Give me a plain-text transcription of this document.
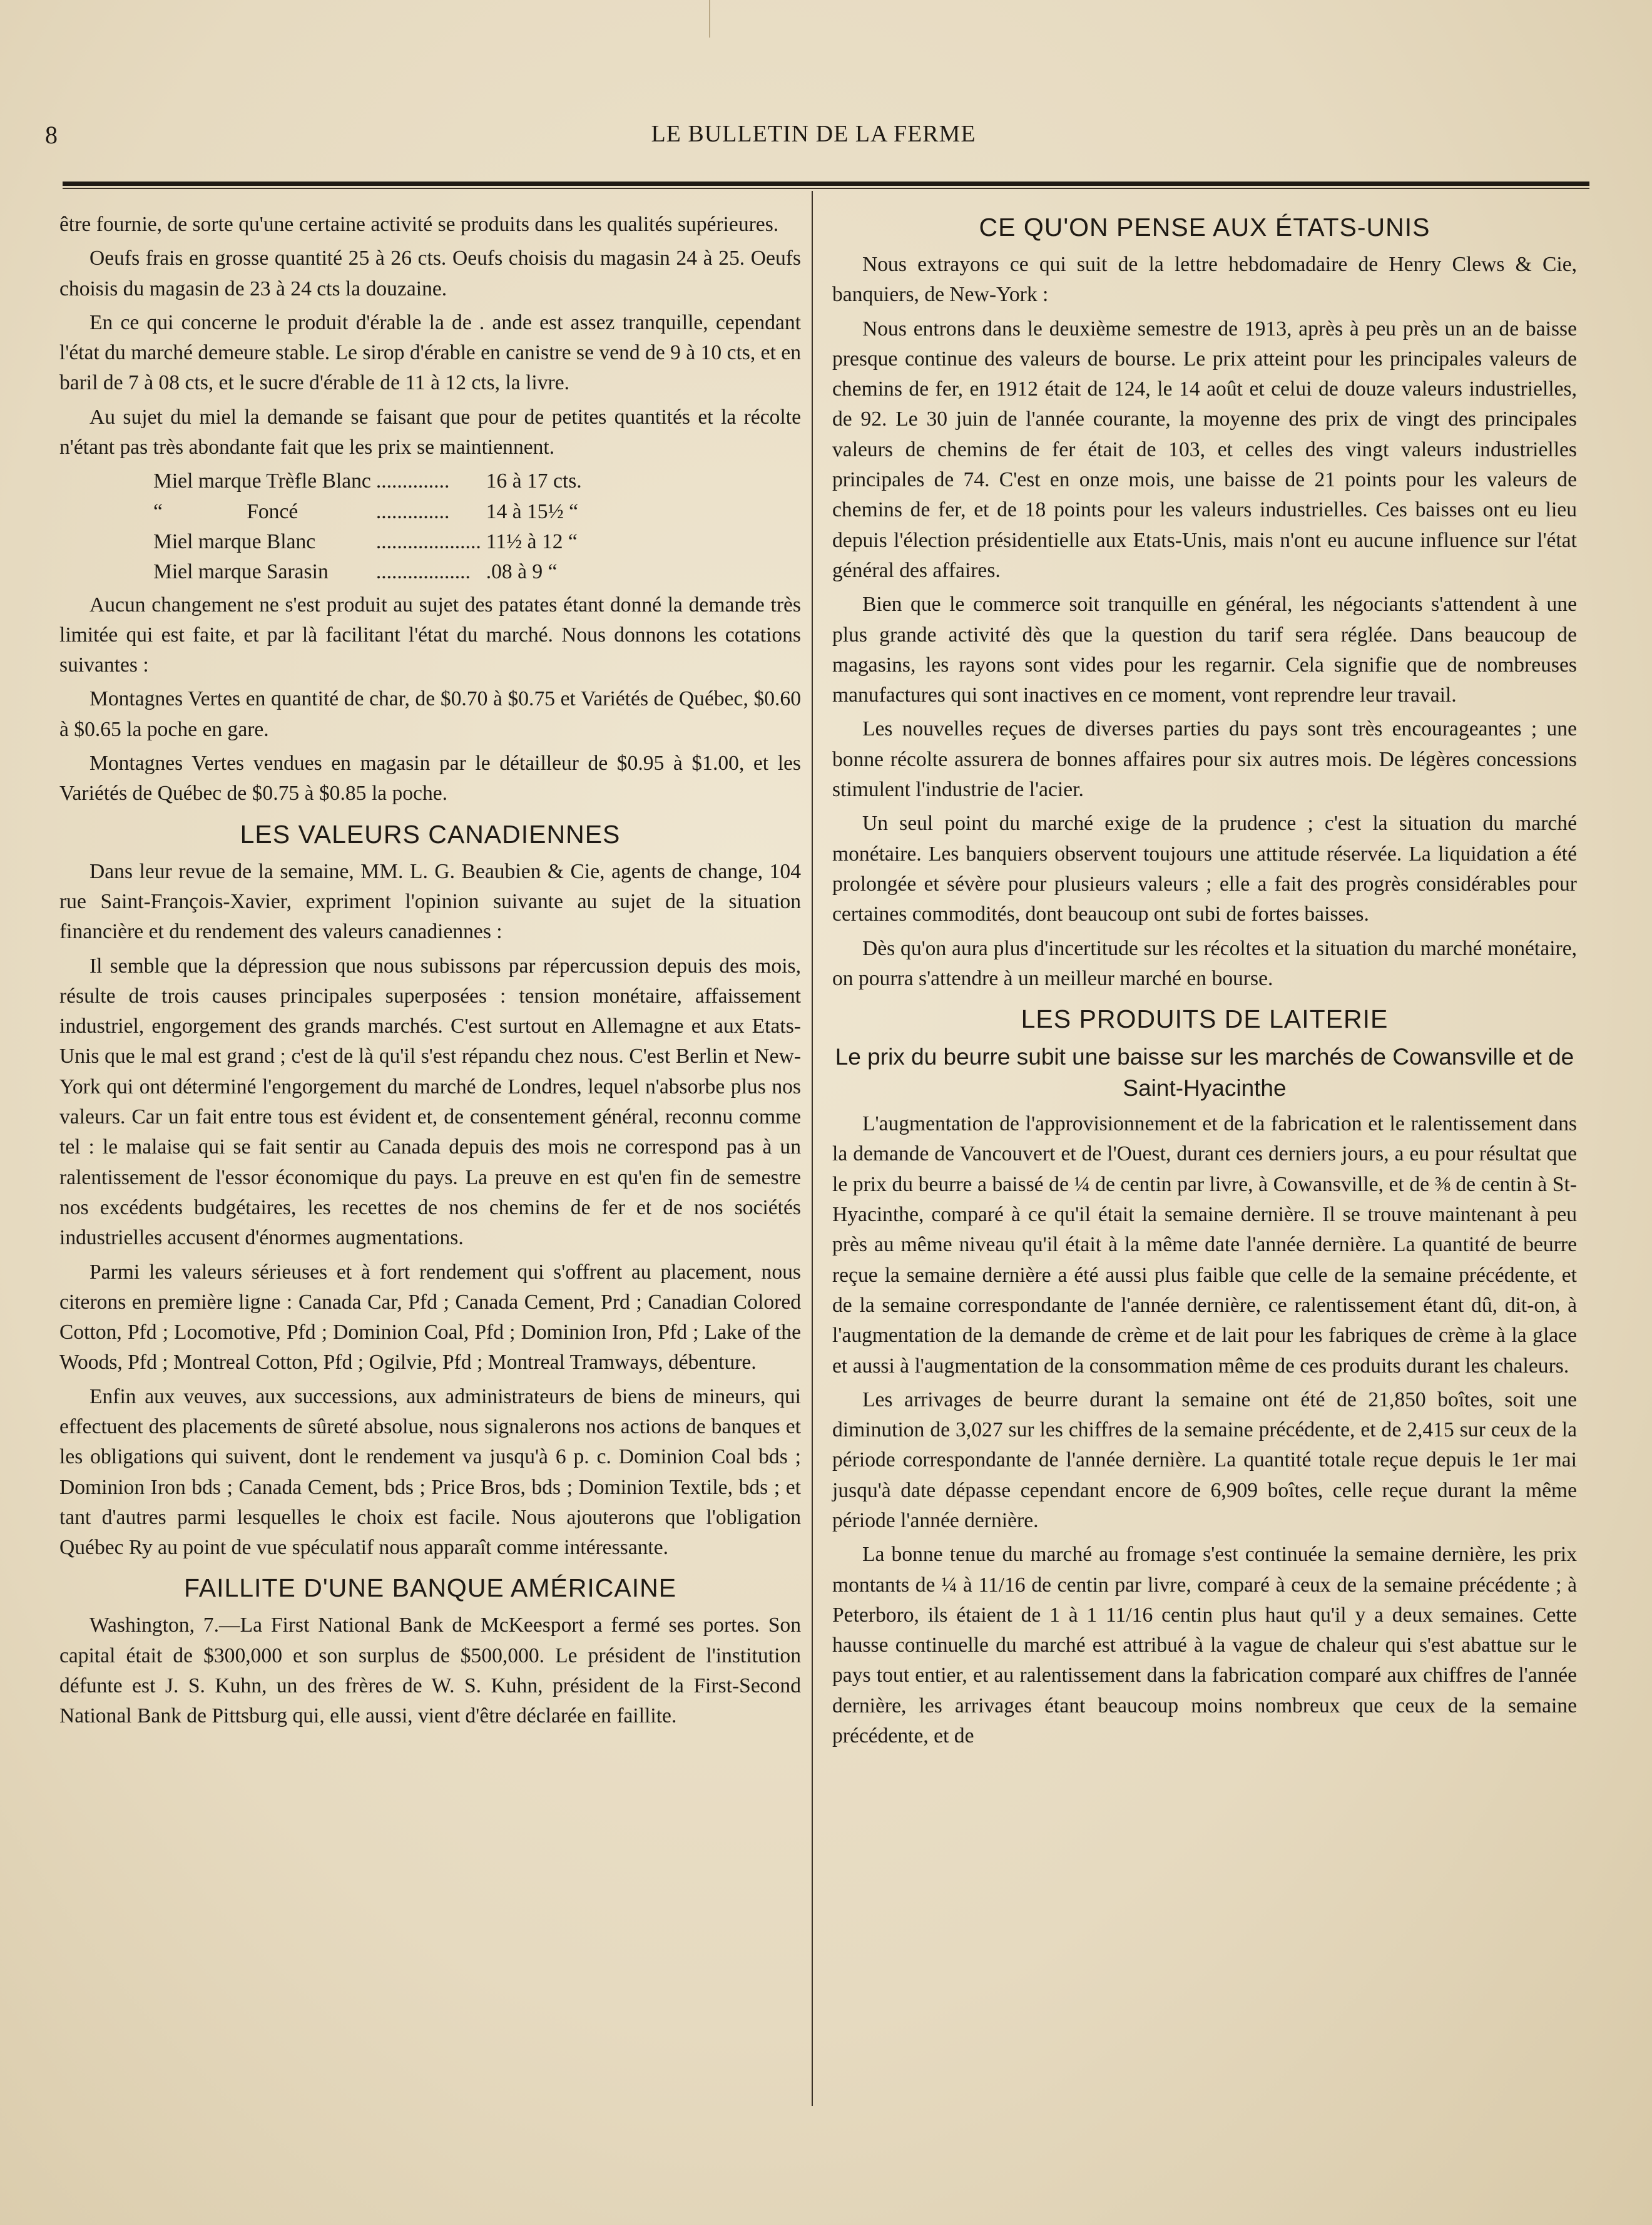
8	LE BULLETIN DE LA FERME

être fournie, de sorte qu'une certaine activité se produits dans les qualités supérieures.

Oeufs frais en grosse quantité 25 à 26 cts. Oeufs choisis du magasin 24 à 25. Oeufs choisis du magasin de 23 à 24 cts la douzaine.

En ce qui concerne le produit d'érable la de . ande est assez tranquille, cependant l'état du marché demeure stable. Le sirop d'érable en canistre se vend de 9 à 10 cts, et en baril de 7 à 08 cts, et le sucre d'érable de 11 à 12 cts, la livre.

Au sujet du miel la demande se faisant que pour de petites quantités et la récolte n'étant pas très abondante fait que les prix se maintiennent.

Miel marque Trèfle Blanc	..............	16 à 17 cts.
“                Foncé	..............	14 à 15½ “
Miel marque Blanc	....................	11½ à 12 “
Miel marque Sarasin	..................	.08 à 9 “

Aucun changement ne s'est produit au sujet des patates étant donné la demande très limitée qui est faite, et par là facilitant l'état du marché. Nous donnons les cotations suivantes :

Montagnes Vertes en quantité de char, de $0.70 à $0.75 et Variétés de Québec, $0.60 à $0.65 la poche en gare.

Montagnes Vertes vendues en magasin par le détailleur de $0.95 à $1.00, et les Variétés de Québec de $0.75 à $0.85 la poche.

LES VALEURS CANADIENNES

Dans leur revue de la semaine, MM. L. G. Beaubien & Cie, agents de change, 104 rue Saint-François-Xavier, expriment l'opinion suivante au sujet de la situation financière et du rendement des valeurs canadiennes :

Il semble que la dépression que nous subissons par répercussion depuis des mois, résulte de trois causes principales superposées : tension monétaire, affaissement industriel, engorgement des grands marchés. C'est surtout en Allemagne et aux Etats-Unis que le mal est grand ; c'est de là qu'il s'est répandu chez nous. C'est Berlin et New-York qui ont déterminé l'engorgement du marché de Londres, lequel n'absorbe plus nos valeurs. Car un fait entre tous est évident et, de consentement général, reconnu comme tel : le malaise qui se fait sentir au Canada depuis des mois ne correspond pas à un ralentissement de l'essor économique du pays. La preuve en est qu'en fin de semestre nos excédents budgétaires, les recettes de nos chemins de fer et de nos sociétés industrielles accusent d'énormes augmentations.

Parmi les valeurs sérieuses et à fort rendement qui s'offrent au placement, nous citerons en première ligne : Canada Car, Pfd ; Canada Cement, Prd ; Canadian Colored Cotton, Pfd ; Locomotive, Pfd ; Dominion Coal, Pfd ; Dominion Iron, Pfd ; Lake of the Woods, Pfd ; Montreal Cotton, Pfd ; Ogilvie, Pfd ; Montreal Tramways, débenture.

Enfin aux veuves, aux successions, aux administrateurs de biens de mineurs, qui effectuent des placements de sûreté absolue, nous signalerons nos actions de banques et les obligations qui suivent, dont le rendement va jusqu'à 6 p. c. Dominion Coal bds ; Dominion Iron bds ; Canada Cement, bds ; Price Bros, bds ; Dominion Textile, bds ; et tant d'autres parmi lesquelles le choix est facile. Nous ajouterons que l'obligation Québec Ry au point de vue spéculatif nous apparaît comme intéressante.

FAILLITE D'UNE BANQUE AMÉRICAINE

Washington, 7.—La First National Bank de McKeesport a fermé ses portes. Son capital était de $300,000 et son surplus de $500,000. Le président de l'institution défunte est J. S. Kuhn, un des frères de W. S. Kuhn, président de la First-Second National Bank de Pittsburg qui, elle aussi, vient d'être déclarée en faillite.

CE QU'ON PENSE AUX ÉTATS-UNIS

Nous extrayons ce qui suit de la lettre hebdomadaire de Henry Clews & Cie, banquiers, de New-York :

Nous entrons dans le deuxième semestre de 1913, après à peu près un an de baisse presque continue des valeurs de bourse. Le prix atteint pour les principales valeurs de chemins de fer, en 1912 était de 124, le 14 août et celui de douze valeurs industrielles, de 92. Le 30 juin de l'année courante, la moyenne des prix de vingt des principales valeurs de chemins de fer était de 103, et celles des vingt valeurs industrielles principales de 74. C'est en onze mois, une baisse de 21 points pour les valeurs de chemins de fer, et de 18 points pour les valeurs industrielles. Ces baisses ont eu lieu depuis l'élection présidentielle aux Etats-Unis, mais n'ont eu aucune influence sur l'état général des affaires.

Bien que le commerce soit tranquille en général, les négociants s'attendent à une plus grande activité dès que la question du tarif sera réglée. Dans beaucoup de magasins, les rayons sont vides pour les regarnir. Cela signifie que de nombreuses manufactures qui sont inactives en ce moment, vont reprendre leur travail.

Les nouvelles reçues de diverses parties du pays sont très encourageantes ; une bonne récolte assurera de bonnes affaires pour six autres mois. De légères concessions stimulent l'industrie de l'acier.

Un seul point du marché exige de la prudence ; c'est la situation du marché monétaire. Les banquiers observent toujours une attitude réservée. La liquidation a été prolongée et sévère pour plusieurs valeurs ; elle a fait des progrès considérables pour certaines commodités, dont beaucoup ont subi de fortes baisses.

Dès qu'on aura plus d'incertitude sur les récoltes et la situation du marché monétaire, on pourra s'attendre à un meilleur marché en bourse.

LES PRODUITS DE LAITERIE
Le prix du beurre subit une baisse sur les marchés de Cowansville et de Saint-Hyacinthe

L'augmentation de l'approvisionnement et de la fabrication et le ralentissement dans la demande de Vancouvert et de l'Ouest, durant ces derniers jours, a eu pour résultat que le prix du beurre a baissé de ¼ de centin par livre, à Cowansville, et de ⅜ de centin à St-Hyacinthe, comparé à ce qu'il était la semaine dernière. Il se trouve maintenant à peu près au même niveau qu'il était à la même date l'année dernière. La quantité de beurre reçue la semaine dernière a été aussi plus faible que celle de la semaine précédente, et de la semaine correspondante de l'année dernière, ce ralentissement étant dû, dit-on, à l'augmentation de la demande de crème et de lait pour les fabriques de crème à la glace et aussi à l'augmentation de la consommation même de ces produits durant les chaleurs.

Les arrivages de beurre durant la semaine ont été de 21,850 boîtes, soit une diminution de 3,027 sur les chiffres de la semaine précédente, et de 2,415 sur ceux de la période correspondante de l'année dernière. La quantité totale reçue depuis le 1er mai jusqu'à date dépasse cependant encore de 6,909 boîtes, celle reçue durant la même période l'année dernière.

La bonne tenue du marché au fromage s'est continuée la semaine dernière, les prix montants de ¼ à 11/16 de centin par livre, comparé à ceux de la semaine précédente ; à Peterboro, ils étaient de 1 à 1 11/16 centin plus haut qu'il y a deux semaines. Cette hausse continuelle du marché est attribué à la vague de chaleur qui s'est abattue sur le pays tout entier, et au ralentissement dans la fabrication comparé aux chiffres de l'année dernière, les arrivages étant beaucoup moins nombreux que ceux de la semaine précédente, et de
